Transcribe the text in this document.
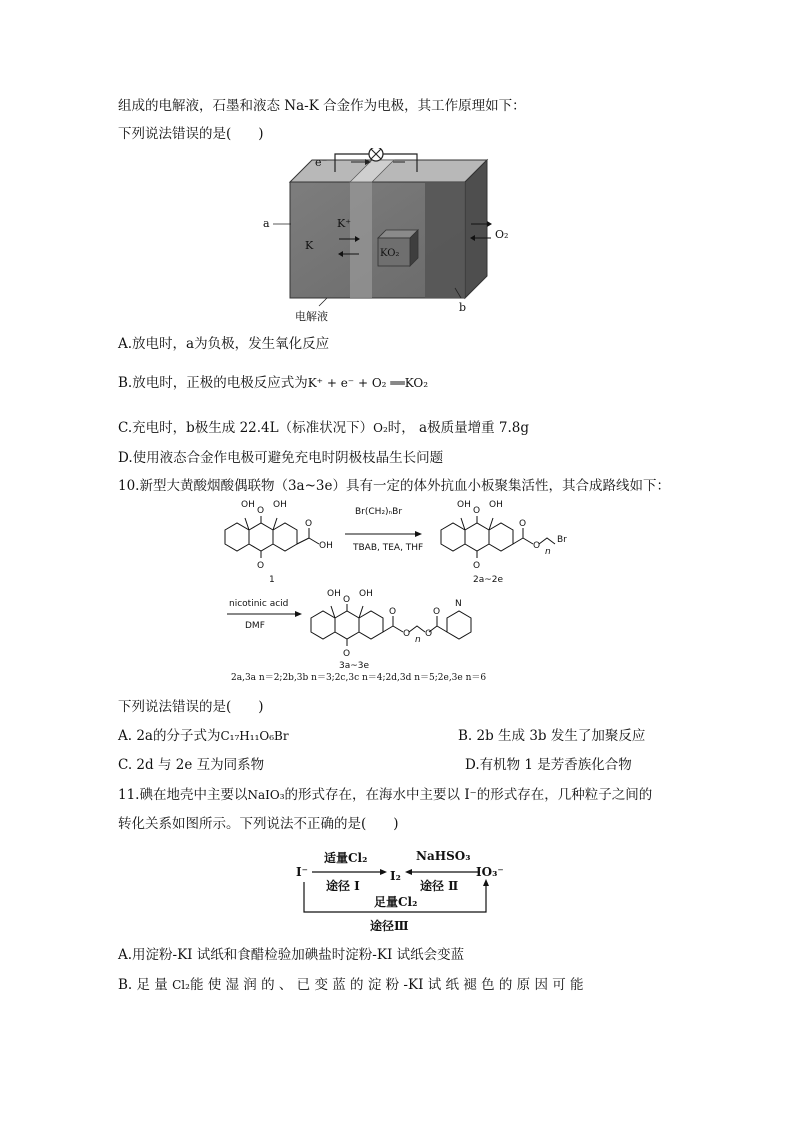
组成的电解液，石墨和液态 Na-K 合金作为电极，其工作原理如下：
下列说法错误的是(　　)
e⁻
a	K⁺
K
KO₂
O₂
b
电解液
A.放电时，a为负极，发生氧化反应
B.放电时，正极的电极反应式为K⁺ + e⁻ + O₂ ══KO₂
C.充电时，b极生成 22.4L（标准状况下）O₂时， a极质量增重 7.8g
D.使用液态合金作电极可避免充电时阴极枝晶生长问题
10.新型大黄酸烟酸偶联物（3a~3e）具有一定的体外抗血小板聚集活性，其合成路线如下：
OH
O
OH
O
O
OH
1
Br(CH₂)ₙBr
TBAB, TEA, THF
OH
O
OH
O
O
O
n
Br
2a~2e
nicotinic acid
DMF
OH
O
OH
O
O
O
n
O
O
N
3a~3e
2a,3a n＝2;2b,3b n＝3;2c,3c n＝4;2d,3d n＝5;2e,3e n＝6
下列说法错误的是(　　)
A. 2a的分子式为C₁₇H₁₁O₆Br	B. 2b 生成 3b 发生了加聚反应
C. 2d 与 2e 互为同系物	D.有机物 1 是芳香族化合物
11.碘在地壳中主要以NaIO₃的形式存在，在海水中主要以 I⁻的形式存在，几种粒子之间的
转化关系如图所示。下列说法不正确的是(　　)
I⁻	I₂	IO₃⁻
适量Cl₂
途径 Ⅰ
NaHSO₃
途径 Ⅱ
足量Cl₂
途径Ⅲ
A.用淀粉-KI 试纸和食醋检验加碘盐时淀粉-KI 试纸会变蓝
B. 足 量 Cl₂能 使 湿 润 的 、 已 变 蓝 的 淀 粉 -KI 试 纸 褪 色 的 原 因 可 能
